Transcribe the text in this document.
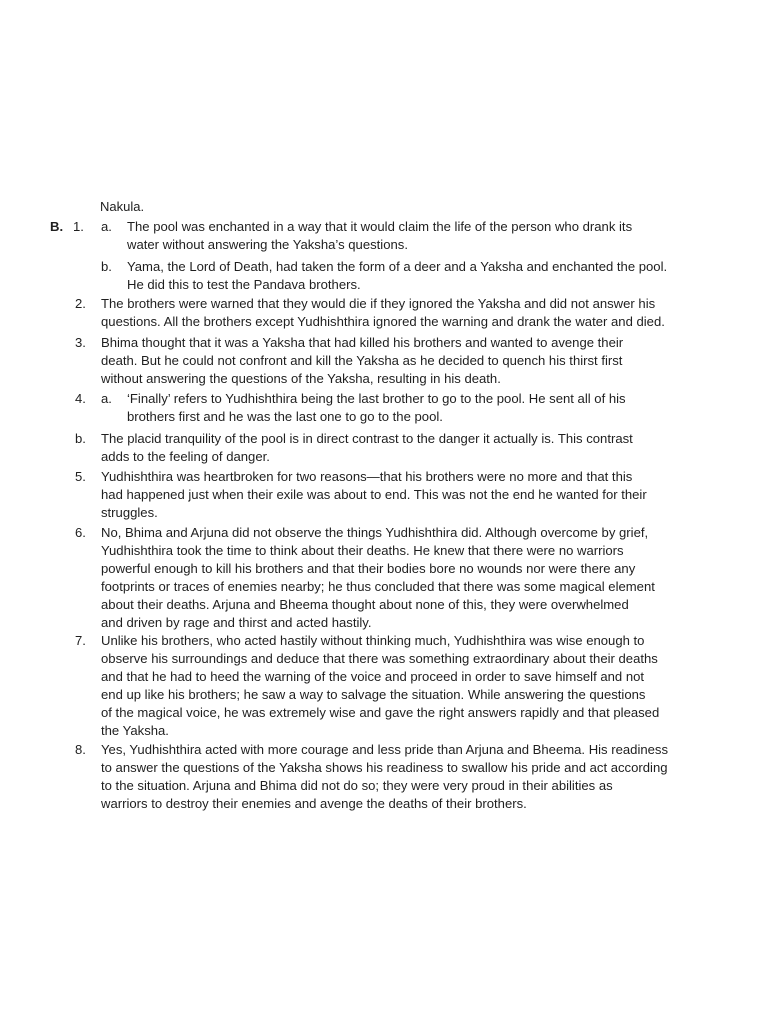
Nakula.
B. 1. a. The pool was enchanted in a way that it would claim the life of the person who drank its
water without answering the Yaksha’s questions.
b. Yama, the Lord of Death, had taken the form of a deer and a Yaksha and enchanted the pool.
He did this to test the Pandava brothers.
2. The brothers were warned that they would die if they ignored the Yaksha and did not answer his
questions. All the brothers except Yudhishthira ignored the warning and drank the water and died.
3. Bhima thought that it was a Yaksha that had killed his brothers and wanted to avenge their
death. But he could not confront and kill the Yaksha as he decided to quench his thirst first
without answering the questions of the Yaksha, resulting in his death.
4. a. ‘Finally’ refers to Yudhishthira being the last brother to go to the pool. He sent all of his
brothers first and he was the last one to go to the pool.
b. The placid tranquility of the pool is in direct contrast to the danger it actually is. This contrast
adds to the feeling of danger.
5. Yudhishthira was heartbroken for two reasons—that his brothers were no more and that this
had happened just when their exile was about to end. This was not the end he wanted for their
struggles.
6. No, Bhima and Arjuna did not observe the things Yudhishthira did. Although overcome by grief,
Yudhishthira took the time to think about their deaths. He knew that there were no warriors
powerful enough to kill his brothers and that their bodies bore no wounds nor were there any
footprints or traces of enemies nearby; he thus concluded that there was some magical element
about their deaths. Arjuna and Bheema thought about none of this, they were overwhelmed
and driven by rage and thirst and acted hastily.
7. Unlike his brothers, who acted hastily without thinking much, Yudhishthira was wise enough to
observe his surroundings and deduce that there was something extraordinary about their deaths
and that he had to heed the warning of the voice and proceed in order to save himself and not
end up like his brothers; he saw a way to salvage the situation. While answering the questions
of the magical voice, he was extremely wise and gave the right answers rapidly and that pleased
the Yaksha.
8. Yes, Yudhishthira acted with more courage and less pride than Arjuna and Bheema. His readiness
to answer the questions of the Yaksha shows his readiness to swallow his pride and act according
to the situation. Arjuna and Bhima did not do so; they were very proud in their abilities as
warriors to destroy their enemies and avenge the deaths of their brothers.
